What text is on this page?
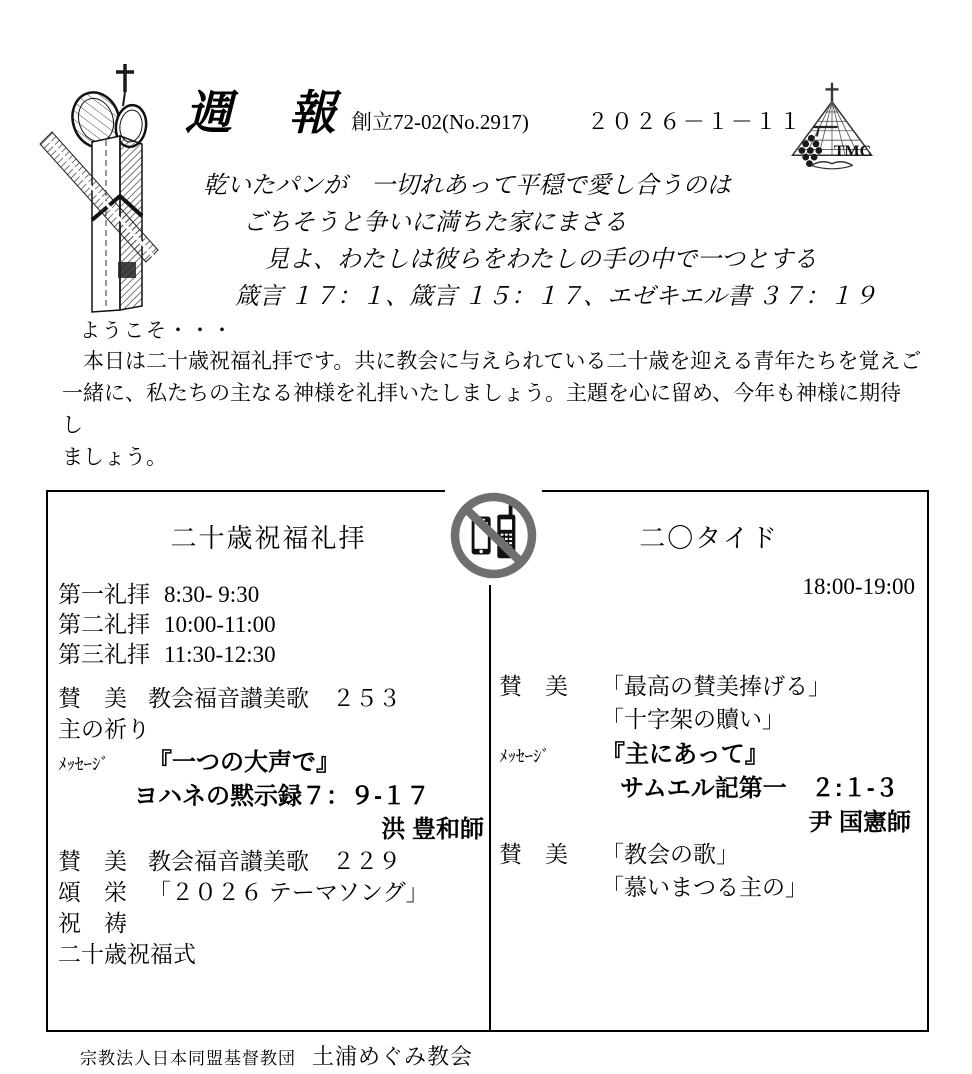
週　報 創立72-02(No.2917)	２０２６－１－１１
TMC
乾いたパンが　一切れあって平穏で愛し合うのは
ごちそうと争いに満ちた家にまさる
見よ、わたしは彼らをわたしの手の中で一つとする
箴言 １７：１、箴言 １５：１７、エゼキエル書 ３７：１９
ようこそ・・・
　本日は二十歳祝福礼拝です。共に教会に与えられている二十歳を迎える青年たちを覚えご
一緒に、私たちの主なる神様を礼拝いたしましょう。主題を心に留め、今年も神様に期待し
ましょう。
二十歳祝福礼拝	二〇タイド
第一礼拝 8:30- 9:30
第二礼拝 10:00-11:00
第三礼拝 11:30-12:30
賛　美 教会福音讃美歌　２５３
主の祈り
ﾒｯｾｰｼﾞ	『一つの大声で』
ヨハネの黙示録７：９-１７
洪 豊和師
賛　美 教会福音讃美歌　２２９
頌　栄 「２０２６ テーマソング」
祝　祷
二十歳祝福式
18:00-19:00
賛　美	「最高の賛美捧げる」
「十字架の贖い」
ﾒｯｾｰｼﾞ	『主にあって』
サムエル記第一　２:１-３
尹 国憲師
賛　美	「教会の歌」
「慕いまつる主の」
宗教法人日本同盟基督教団 土浦めぐみ教会
